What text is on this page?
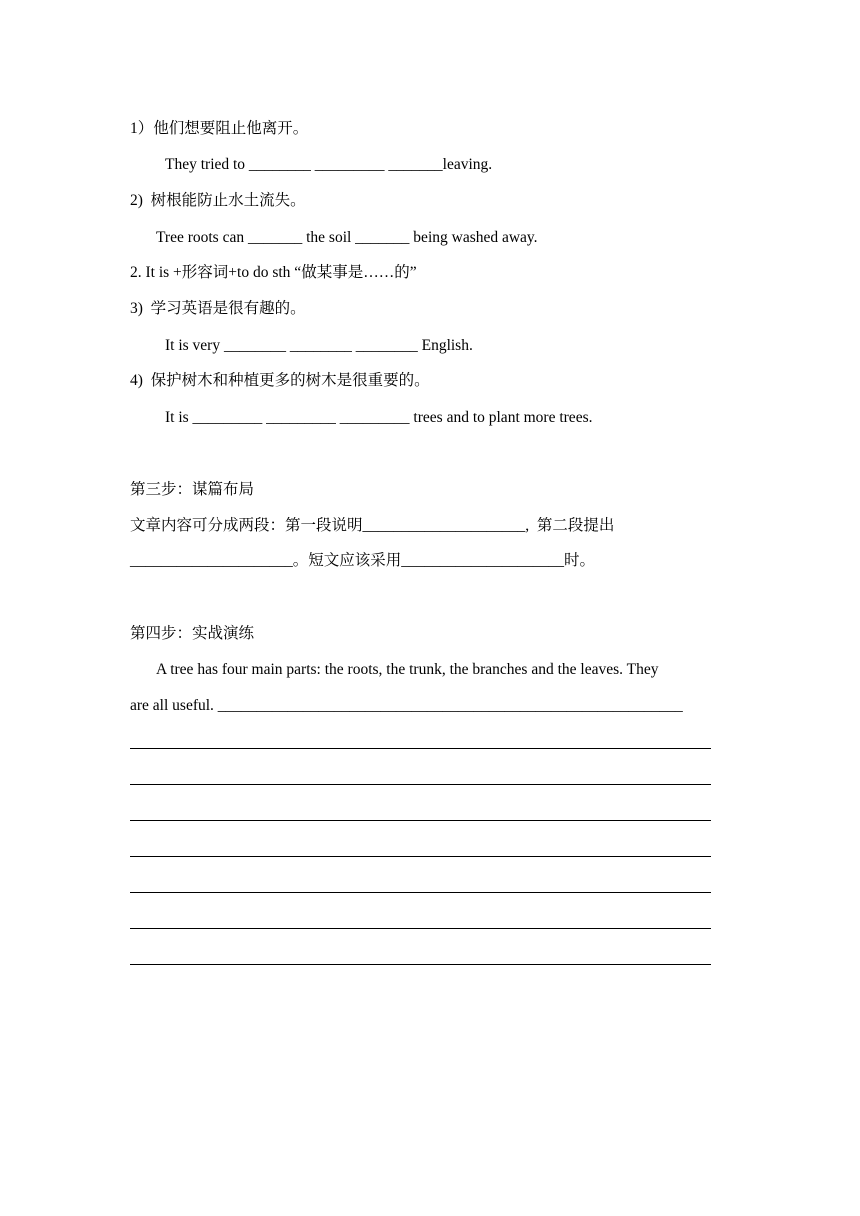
1）他们想要阻止他离开。
They tried to ________ _________ _______leaving.
2)  树根能防止水土流失。
Tree roots can _______ the soil _______ being washed away.
2. It is +形容词+to do sth “做某事是……的”
3)  学习英语是很有趣的。
It is very ________ ________ ________ English.
4)  保护树木和种植更多的树木是很重要的。
It is _________ _________ _________ trees and to plant more trees.
第三步：谋篇布局
文章内容可分成两段：第一段说明_____________________,  第二段提出
_____________________。短文应该采用_____________________时。
第四步：实战演练
A tree has four main parts: the roots, the trunk, the branches and the leaves. They
are all useful. ____________________________________________________________
